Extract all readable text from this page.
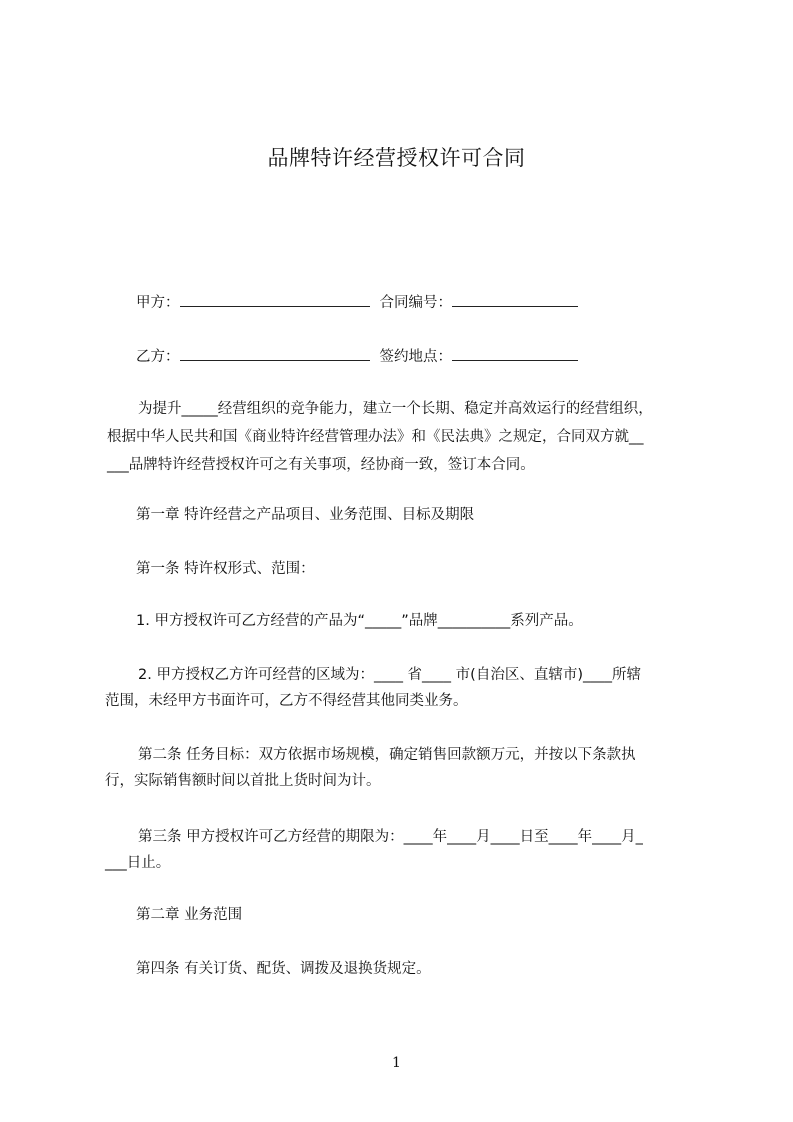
品牌特许经营授权许可合同
甲方：	合同编号：
乙方：	签约地点：
为提升_____经营组织的竞争能力，建立一个长期、稳定并高效运行的经营组织，
根据中华人民共和国《商业特许经营管理办法》和《民法典》之规定，合同双方就__
___品牌特许经营授权许可之有关事项，经协商一致，签订本合同。
第一章 特许经营之产品项目、业务范围、目标及期限
第一条 特许权形式、范围：
1. 甲方授权许可乙方经营的产品为“_____”品牌__________系列产品。
2. 甲方授权乙方许可经营的区域为：____ 省____ 市(自治区、直辖市)____所辖
范围，未经甲方书面许可，乙方不得经营其他同类业务。
第二条 任务目标：双方依据市场规模，确定销售回款额万元，并按以下条款执
行，实际销售额时间以首批上货时间为计。
第三条 甲方授权许可乙方经营的期限为：____年____月____日至____年____月_
___日止。
第二章 业务范围
第四条 有关订货、配货、调拨及退换货规定。
1
